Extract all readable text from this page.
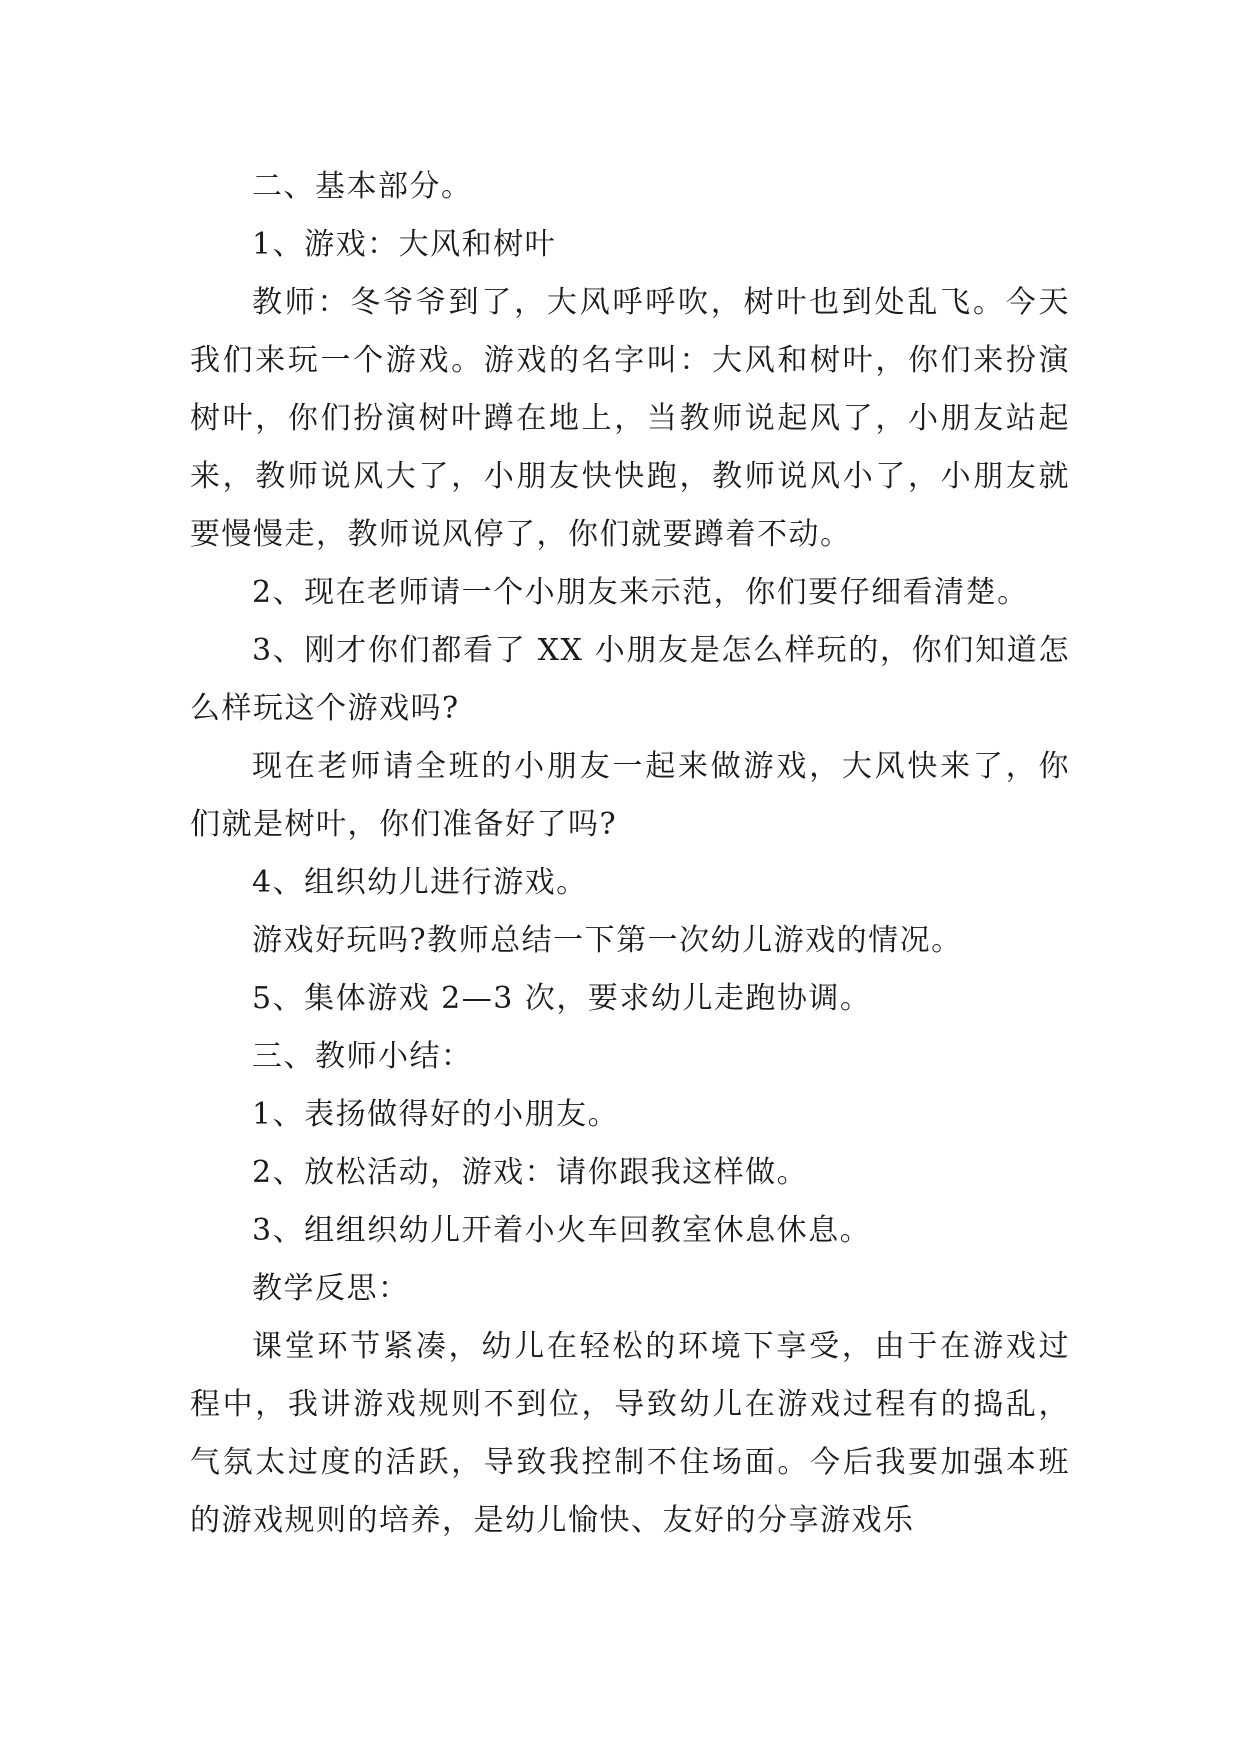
二、基本部分。

1、游戏：大风和树叶

教师：冬爷爷到了，大风呼呼吹，树叶也到处乱飞。今天我们来玩一个游戏。游戏的名字叫：大风和树叶，你们来扮演树叶，你们扮演树叶蹲在地上，当教师说起风了，小朋友站起来，教师说风大了，小朋友快快跑，教师说风小了，小朋友就要慢慢走，教师说风停了，你们就要蹲着不动。

2、现在老师请一个小朋友来示范，你们要仔细看清楚。

3、刚才你们都看了 XX 小朋友是怎么样玩的，你们知道怎么样玩这个游戏吗?

现在老师请全班的小朋友一起来做游戏，大风快来了，你们就是树叶，你们准备好了吗?

4、组织幼儿进行游戏。

游戏好玩吗?教师总结一下第一次幼儿游戏的情况。

5、集体游戏 2—3 次，要求幼儿走跑协调。

三、教师小结：

1、表扬做得好的小朋友。

2、放松活动，游戏：请你跟我这样做。

3、组组织幼儿开着小火车回教室休息休息。

教学反思：

课堂环节紧凑，幼儿在轻松的环境下享受，由于在游戏过程中，我讲游戏规则不到位，导致幼儿在游戏过程有的捣乱，气氛太过度的活跃，导致我控制不住场面。今后我要加强本班的游戏规则的培养，是幼儿愉快、友好的分享游戏乐
